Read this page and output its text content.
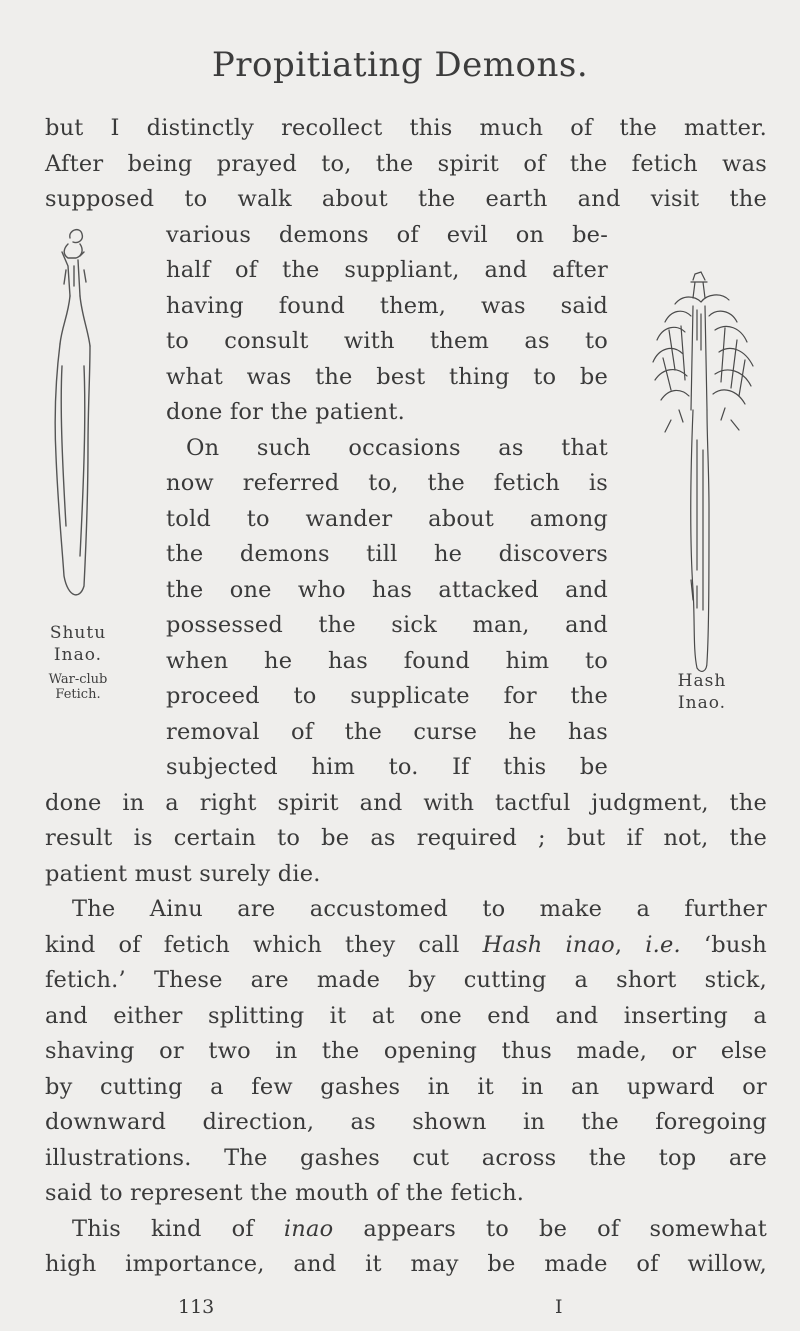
Propitiating Demons.
but I distinctly recollect this much of the matter.
After being prayed to, the spirit of the fetich was
supposed to walk about the earth and visit the
various demons of evil on be-
half of the suppliant, and after
having found them, was said
to consult with them as to
what was the best thing to be
done for the patient.
On such occasions as that
now referred to, the fetich is
told to wander about among
the demons till he discovers
the one who has attacked and
possessed the sick man, and
when he has found him to
proceed to supplicate for the
removal of the curse he has
subjected him to. If this be
done in a right spirit and with tactful judgment, the
result is certain to be as required ; but if not, the
patient must surely die.
The Ainu are accustomed to make a further
kind of fetich which they call Hash inao, i.e. ‘bush
fetich.’ These are made by cutting a short stick,
and either splitting it at one end and inserting a
shaving or two in the opening thus made, or else
by cutting a few gashes in it in an upward or
downward direction, as shown in the foregoing
illustrations. The gashes cut across the top are
said to represent the mouth of the fetich.
This kind of inao appears to be of somewhat
high importance, and it may be made of willow,
Shutu
Inao.
War-club
Fetich.
Hash
Inao.
113	I
